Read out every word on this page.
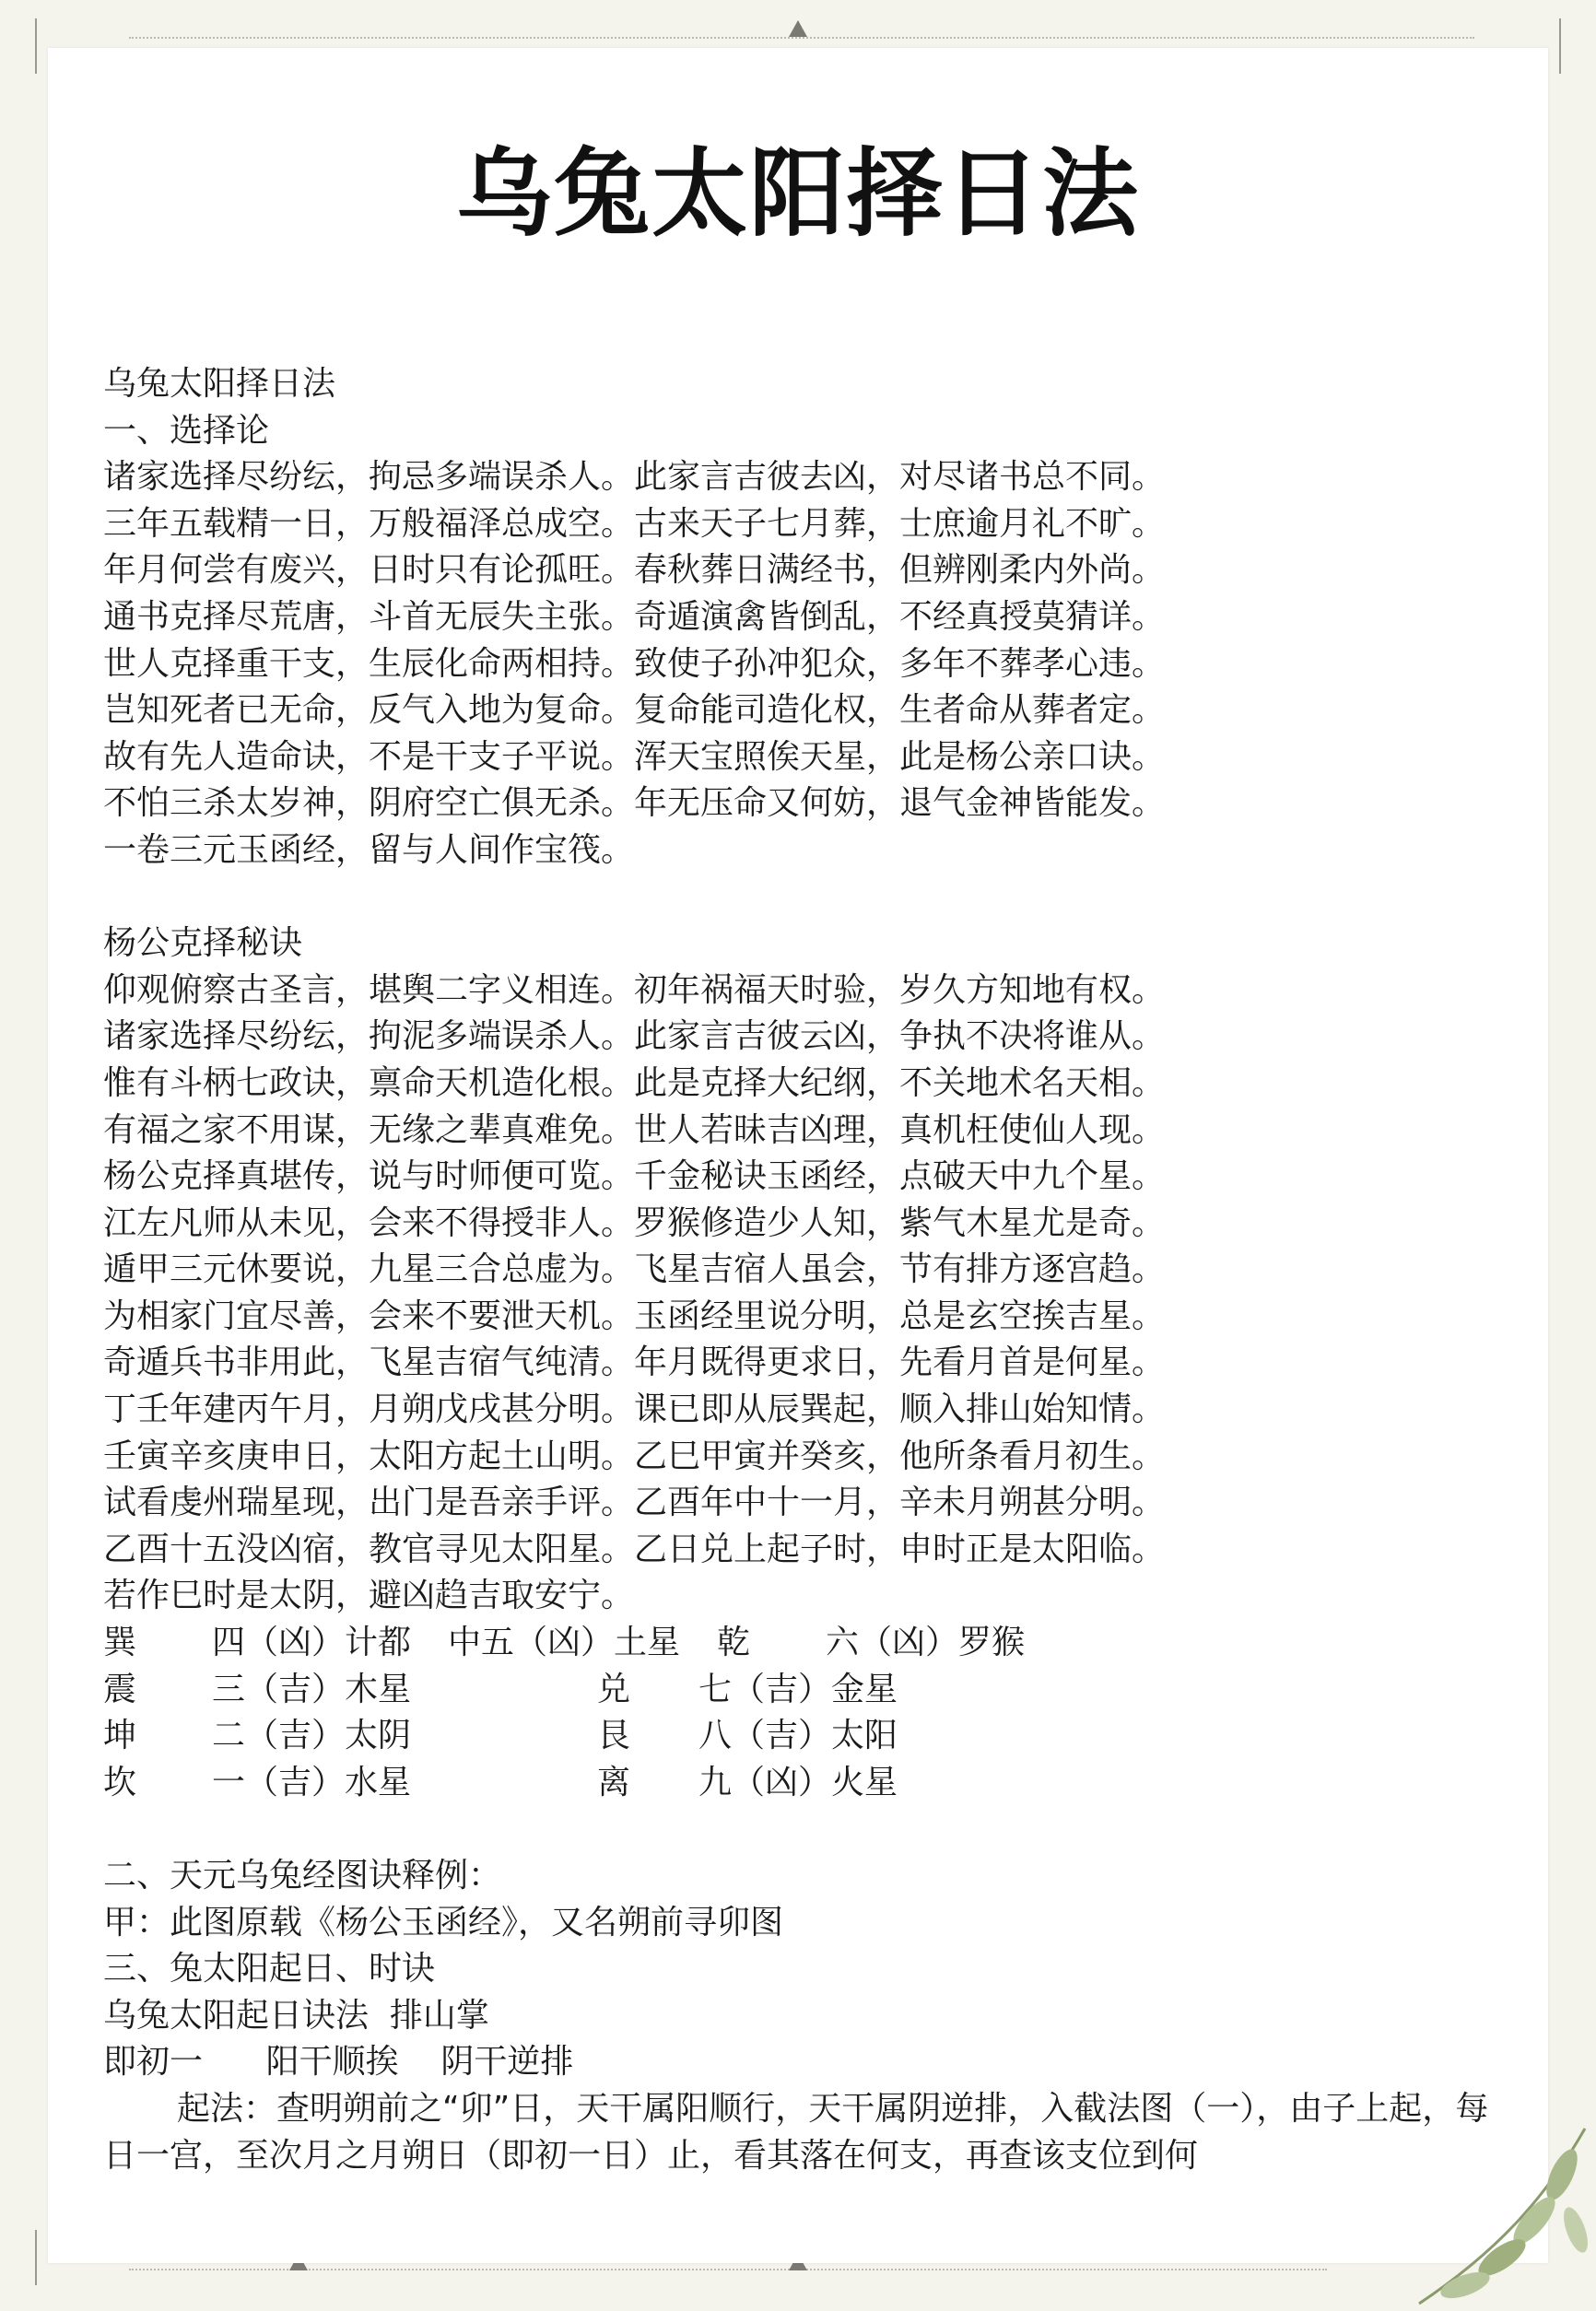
乌兔太阳择日法
乌兔太阳择日法
一、选择论
诸家选择尽纷纭，拘忌多端误杀人。此家言吉彼去凶，对尽诸书总不同。
三年五载精一日，万般福泽总成空。古来天子七月葬，士庶逾月礼不旷。
年月何尝有废兴，日时只有论孤旺。春秋葬日满经书，但辨刚柔内外尚。
通书克择尽荒唐，斗首无辰失主张。奇遁演禽皆倒乱，不经真授莫猜详。
世人克择重干支，生辰化命两相持。致使子孙冲犯众，多年不葬孝心违。
岂知死者已无命，反气入地为复命。复命能司造化权，生者命从葬者定。
故有先人造命诀，不是干支子平说。浑天宝照俟天星，此是杨公亲口诀。
不怕三杀太岁神，阴府空亡俱无杀。年无压命又何妨，退气金神皆能发。
一卷三元玉函经，留与人间作宝筏。
杨公克择秘诀
仰观俯察古圣言，堪舆二字义相连。初年祸福天时验，岁久方知地有权。
诸家选择尽纷纭，拘泥多端误杀人。此家言吉彼云凶，争执不决将谁从。
惟有斗柄七政诀，禀命天机造化根。此是克择大纪纲，不关地术名天相。
有福之家不用谋，无缘之辈真难免。世人若昧吉凶理，真机枉使仙人现。
杨公克择真堪传，说与时师便可览。千金秘诀玉函经，点破天中九个星。
江左凡师从未见，会来不得授非人。罗猴修造少人知，紫气木星尤是奇。
遁甲三元休要说，九星三合总虚为。飞星吉宿人虽会，节有排方逐宫趋。
为相家门宜尽善，会来不要泄天机。玉函经里说分明，总是玄空挨吉星。
奇遁兵书非用此，飞星吉宿气纯清。年月既得更求日，先看月首是何星。
丁壬年建丙午月，月朔戊戌甚分明。课已即从辰巽起，顺入排山始知情。
壬寅辛亥庚申日，太阳方起土山明。乙巳甲寅并癸亥，他所条看月初生。
试看虔州瑞星现，出门是吾亲手评。乙酉年中十一月，辛未月朔甚分明。
乙酉十五没凶宿，教官寻见太阳星。乙日兑上起子时，申时正是太阳临。
若作巳时是太阴，避凶趋吉取安宁。
巽	四（凶）计都	中五（凶）土星	乾	六（凶）罗猴
震	三（吉）木星	兑	七（吉）金星
坤	二（吉）太阴	艮	八（吉）太阳
坎	一（吉）水星	离	九（凶）火星
二、天元乌兔经图诀释例：
甲：此图原载《杨公玉函经》，又名朔前寻卯图
三、兔太阳起日、时诀
乌兔太阳起日诀法  排山掌
即初一      阳干顺挨    阴干逆排
起法：查明朔前之“卯”日，天干属阳顺行，天干属阴逆排，入截法图（一），由子上起，每日一宫，至次月之月朔日（即初一日）止，看其落在何支，再查该支位到何
